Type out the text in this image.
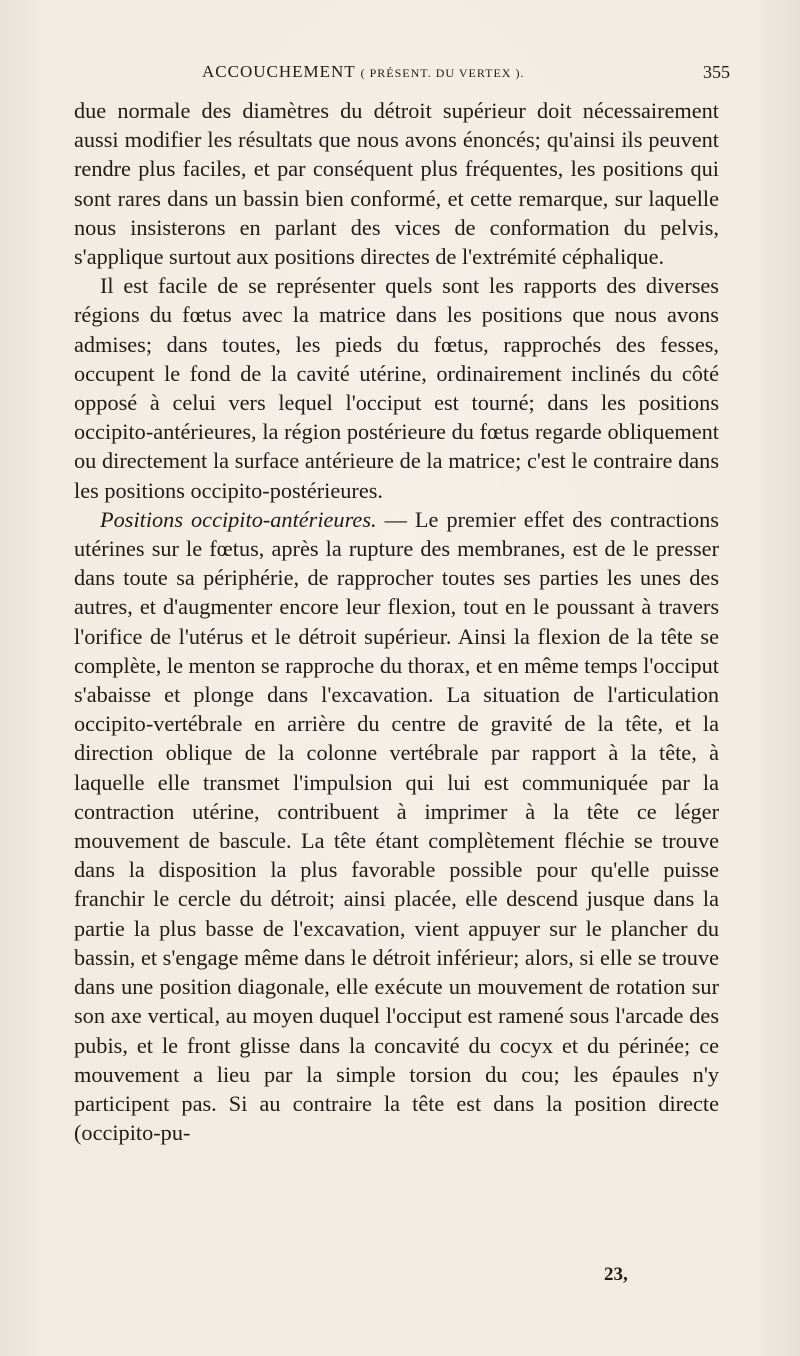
ACCOUCHEMENT ( PRÉSENT. DU VERTEX ).	355

due normale des diamètres du détroit supérieur doit nécessairement aussi modifier les résultats que nous avons énoncés; qu'ainsi ils peuvent rendre plus faciles, et par conséquent plus fréquentes, les positions qui sont rares dans un bassin bien conformé, et cette remarque, sur laquelle nous insisterons en parlant des vices de conformation du pelvis, s'applique surtout aux positions directes de l'extrémité céphalique.

Il est facile de se représenter quels sont les rapports des diverses régions du fœtus avec la matrice dans les positions que nous avons admises; dans toutes, les pieds du fœtus, rapprochés des fesses, occupent le fond de la cavité utérine, ordinairement inclinés du côté opposé à celui vers lequel l'occiput est tourné; dans les positions occipito-antérieures, la région postérieure du fœtus regarde obliquement ou directement la surface antérieure de la matrice; c'est le contraire dans les positions occipito-postérieures.

Positions occipito-antérieures. — Le premier effet des contractions utérines sur le fœtus, après la rupture des membranes, est de le presser dans toute sa périphérie, de rapprocher toutes ses parties les unes des autres, et d'augmenter encore leur flexion, tout en le poussant à travers l'orifice de l'utérus et le détroit supérieur. Ainsi la flexion de la tête se complète, le menton se rapproche du thorax, et en même temps l'occiput s'abaisse et plonge dans l'excavation. La situation de l'articulation occipito-vertébrale en arrière du centre de gravité de la tête, et la direction oblique de la colonne vertébrale par rapport à la tête, à laquelle elle transmet l'impulsion qui lui est communiquée par la contraction utérine, contribuent à imprimer à la tête ce léger mouvement de bascule. La tête étant complètement fléchie se trouve dans la disposition la plus favorable possible pour qu'elle puisse franchir le cercle du détroit; ainsi placée, elle descend jusque dans la partie la plus basse de l'excavation, vient appuyer sur le plancher du bassin, et s'engage même dans le détroit inférieur; alors, si elle se trouve dans une position diagonale, elle exécute un mouvement de rotation sur son axe vertical, au moyen duquel l'occiput est ramené sous l'arcade des pubis, et le front glisse dans la concavité du cocyx et du périnée; ce mouvement a lieu par la simple torsion du cou; les épaules n'y participent pas. Si au contraire la tête est dans la position directe (occipito-pu-

23,
